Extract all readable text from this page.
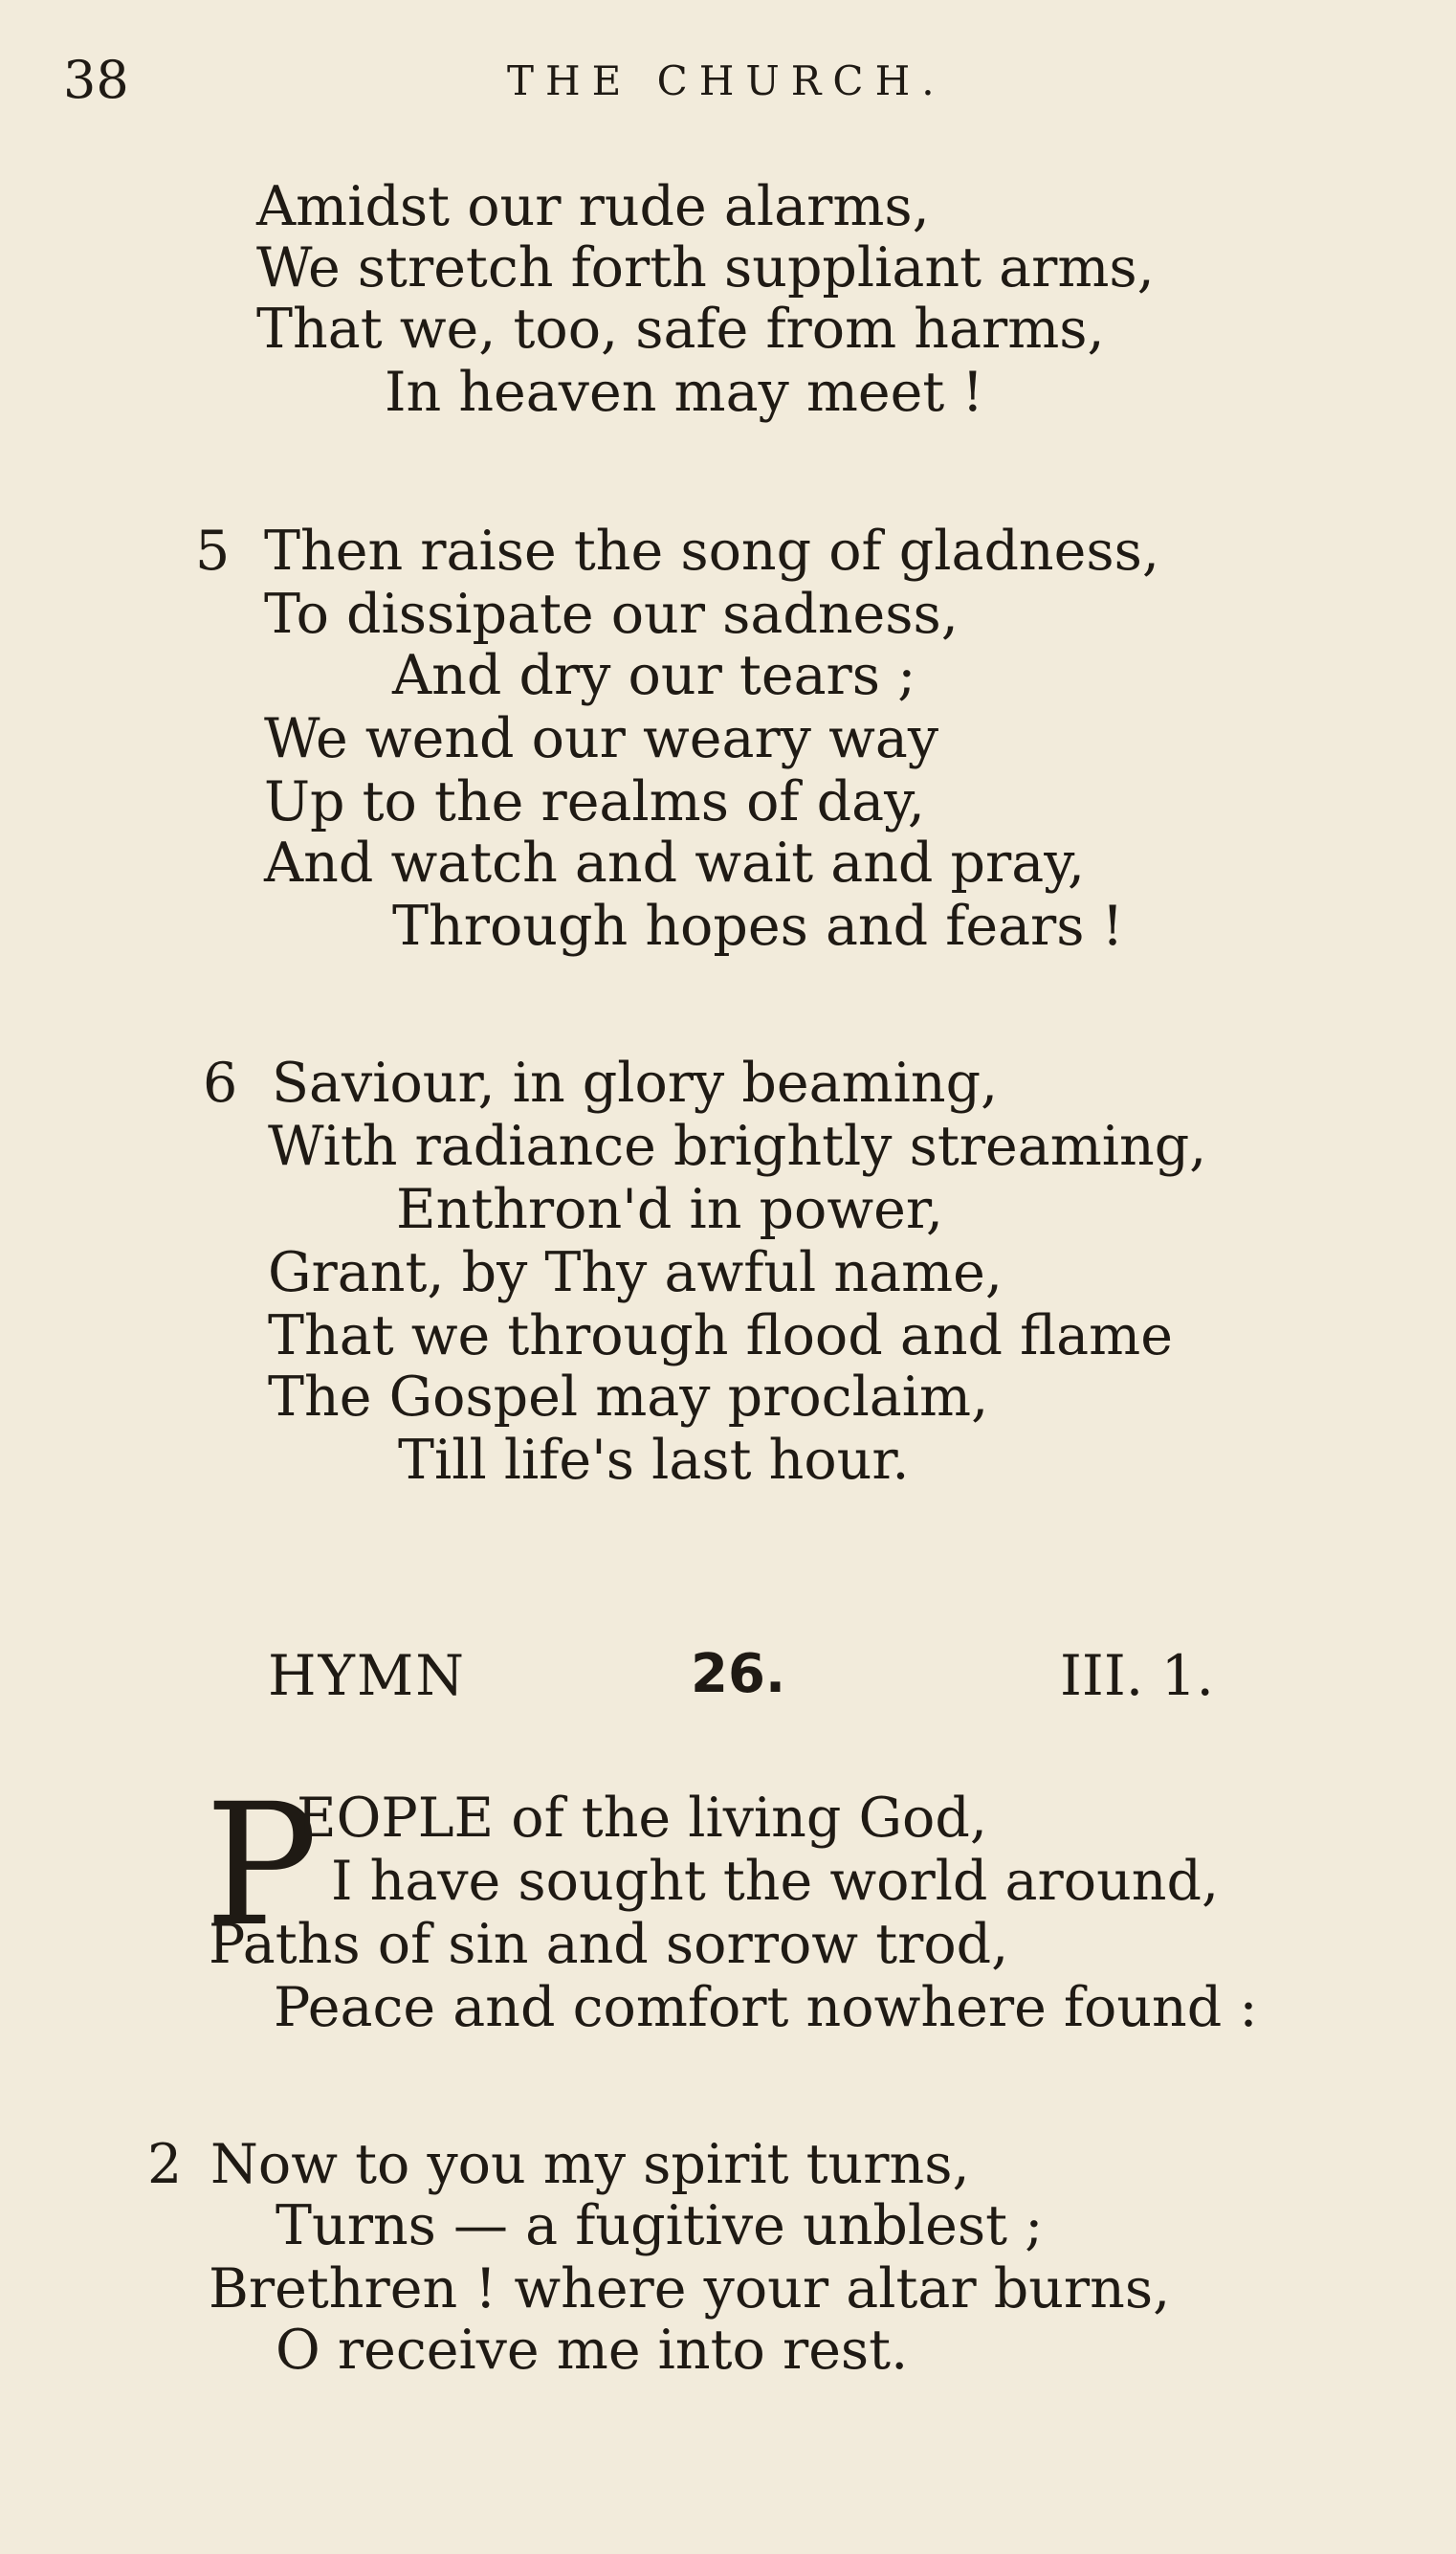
38	THE CHURCH.
Amidst our rude alarms,
We stretch forth suppliant arms,
That we, too, safe from harms,
In heaven may meet !
5 Then raise the song of gladness,
To dissipate our sadness,
And dry our tears ;
We wend our weary way
Up to the realms of day,
And watch and wait and pray,
Through hopes and fears !
6 Saviour, in glory beaming,
With radiance brightly streaming,
Enthron'd in power,
Grant, by Thy awful name,
That we through flood and flame
The Gospel may proclaim,
Till life's last hour.
HYMN	26.	III. 1.
P
EOPLE of the living God,
I have sought the world around,
Paths of sin and sorrow trod,
Peace and comfort nowhere found :
2 Now to you my spirit turns,
Turns — a fugitive unblest ;
Brethren ! where your altar burns,
O receive me into rest.
